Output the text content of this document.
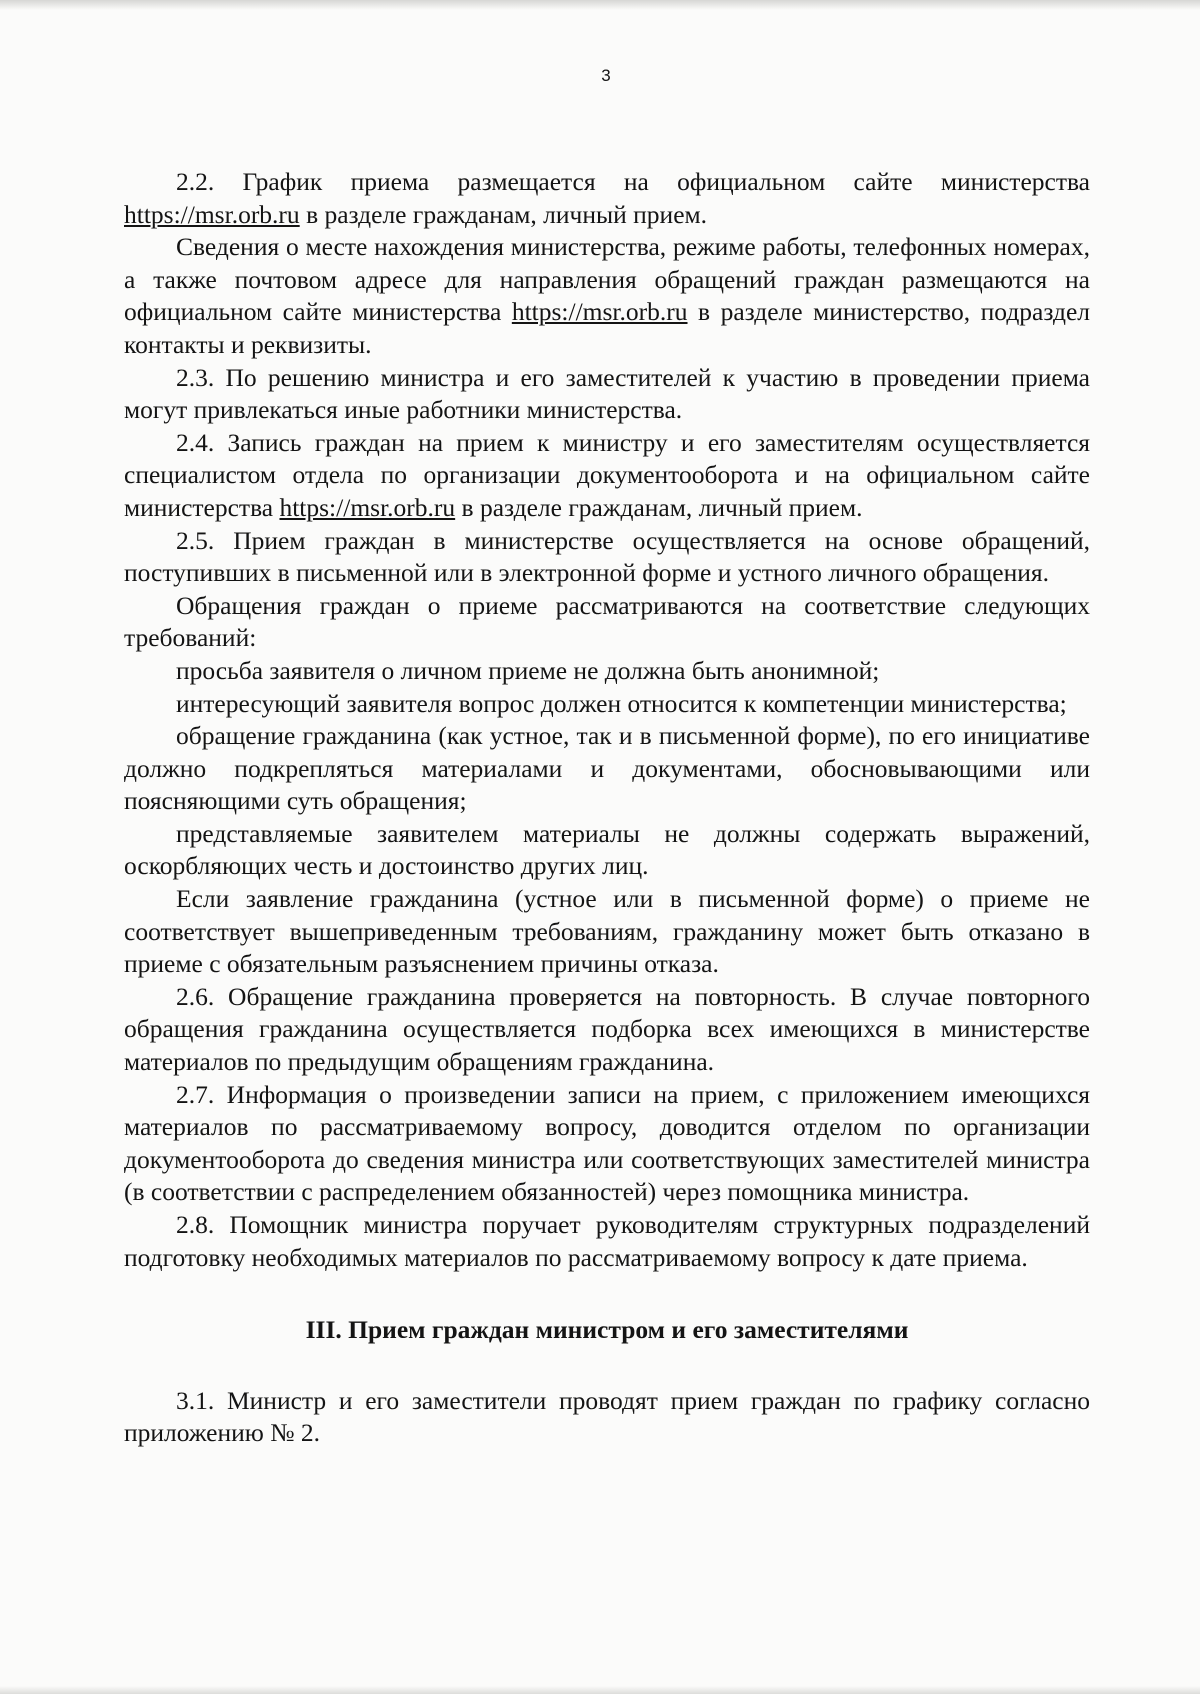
3

2.2. График приема размещается на официальном сайте министерства https://msr.orb.ru в разделе гражданам, личный прием.

Сведения о месте нахождения министерства, режиме работы, телефонных номерах, а также почтовом адресе для направления обращений граждан размещаются на официальном сайте министерства https://msr.orb.ru в разделе министерство, подраздел контакты и реквизиты.

2.3. По решению министра и его заместителей к участию в проведении приема могут привлекаться иные работники министерства.

2.4. Запись граждан на прием к министру и его заместителям осуществляется специалистом отдела по организации документооборота и на официальном сайте министерства https://msr.orb.ru в разделе гражданам, личный прием.

2.5. Прием граждан в министерстве осуществляется на основе обращений, поступивших в письменной или в электронной форме и устного личного обращения.

Обращения граждан о приеме рассматриваются на соответствие следующих требований:

просьба заявителя о личном приеме не должна быть анонимной;

интересующий заявителя вопрос должен относится к компетенции министерства;

обращение гражданина (как устное, так и в письменной форме), по его инициативе должно подкрепляться материалами и документами, обосновывающими или поясняющими суть обращения;

представляемые заявителем материалы не должны содержать выражений, оскорбляющих честь и достоинство других лиц.

Если заявление гражданина (устное или в письменной форме) о приеме не соответствует вышеприведенным требованиям, гражданину может быть отказано в приеме с обязательным разъяснением причины отказа.

2.6. Обращение гражданина проверяется на повторность. В случае повторного обращения гражданина осуществляется подборка всех имеющихся в министерстве материалов по предыдущим обращениям гражданина.

2.7. Информация о произведении записи на прием, с приложением имеющихся материалов по рассматриваемому вопросу, доводится отделом по организации документооборота до сведения министра или соответствующих заместителей министра (в соответствии с распределением обязанностей) через помощника министра.

2.8. Помощник министра поручает руководителям структурных подразделений подготовку необходимых материалов по рассматриваемому вопросу к дате приема.

III. Прием граждан министром и его заместителями

3.1. Министр и его заместители проводят прием граждан по графику согласно приложению № 2.
